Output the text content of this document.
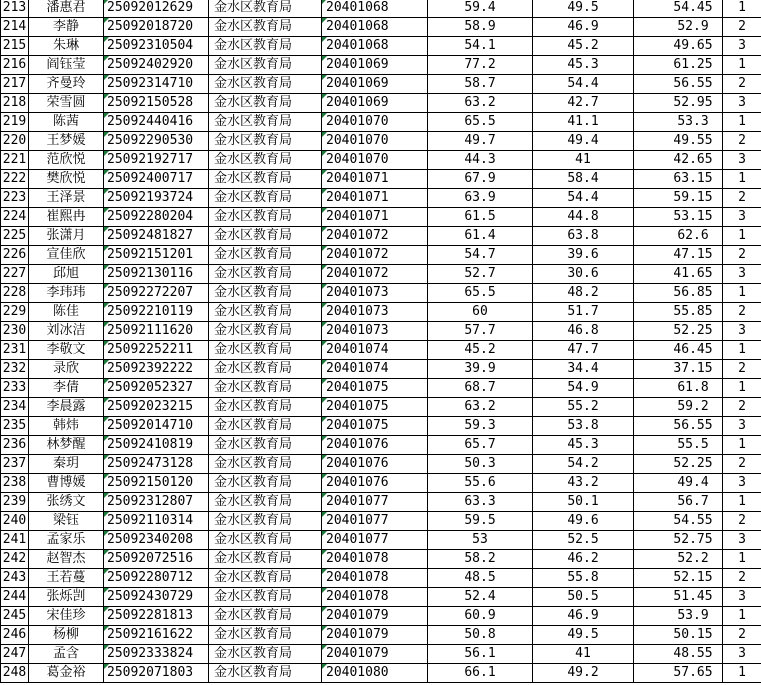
213	潘惠君	25092012629	金水区教育局	20401068	59.4	49.5	54.45	1
214	李静	25092018720	金水区教育局	20401068	58.9	46.9	52.9	2
215	朱琳	25092310504	金水区教育局	20401068	54.1	45.2	49.65	3
216	阎钰莹	25092402920	金水区教育局	20401069	77.2	45.3	61.25	1
217	齐曼玲	25092314710	金水区教育局	20401069	58.7	54.4	56.55	2
218	荣雪圆	25092150528	金水区教育局	20401069	63.2	42.7	52.95	3
219	陈茜	25092440416	金水区教育局	20401070	65.5	41.1	53.3	1
220	王梦媛	25092290530	金水区教育局	20401070	49.7	49.4	49.55	2
221	范欣悦	25092192717	金水区教育局	20401070	44.3	41	42.65	3
222	樊欣悦	25092400717	金水区教育局	20401071	67.9	58.4	63.15	1
223	王泽景	25092193724	金水区教育局	20401071	63.9	54.4	59.15	2
224	崔熙冉	25092280204	金水区教育局	20401071	61.5	44.8	53.15	3
225	张潇月	25092481827	金水区教育局	20401072	61.4	63.8	62.6	1
226	宣佳欣	25092151201	金水区教育局	20401072	54.7	39.6	47.15	2
227	邱旭	25092130116	金水区教育局	20401072	52.7	30.6	41.65	3
228	李玮玮	25092272207	金水区教育局	20401073	65.5	48.2	56.85	1
229	陈佳	25092210119	金水区教育局	20401073	60	51.7	55.85	2
230	刘冰洁	25092111620	金水区教育局	20401073	57.7	46.8	52.25	3
231	李敬文	25092252211	金水区教育局	20401074	45.2	47.7	46.45	1
232	录欣	25092392222	金水区教育局	20401074	39.9	34.4	37.15	2
233	李倩	25092052327	金水区教育局	20401075	68.7	54.9	61.8	1
234	李晨露	25092023215	金水区教育局	20401075	63.2	55.2	59.2	2
235	韩炜	25092014710	金水区教育局	20401075	59.3	53.8	56.55	3
236	林梦醒	25092410819	金水区教育局	20401076	65.7	45.3	55.5	1
237	秦玥	25092473128	金水区教育局	20401076	50.3	54.2	52.25	2
238	曹博媛	25092150120	金水区教育局	20401076	55.6	43.2	49.4	3
239	张绣文	25092312807	金水区教育局	20401077	63.3	50.1	56.7	1
240	梁钰	25092110314	金水区教育局	20401077	59.5	49.6	54.55	2
241	孟家乐	25092340208	金水区教育局	20401077	53	52.5	52.75	3
242	赵智杰	25092072516	金水区教育局	20401078	58.2	46.2	52.2	1
243	王若蔓	25092280712	金水区教育局	20401078	48.5	55.8	52.15	2
244	张烁剀	25092430729	金水区教育局	20401078	52.4	50.5	51.45	3
245	宋佳珍	25092281813	金水区教育局	20401079	60.9	46.9	53.9	1
246	杨柳	25092161622	金水区教育局	20401079	50.8	49.5	50.15	2
247	孟含	25092333824	金水区教育局	20401079	56.1	41	48.55	3
248	葛金裕	25092071803	金水区教育局	20401080	66.1	49.2	57.65	1
